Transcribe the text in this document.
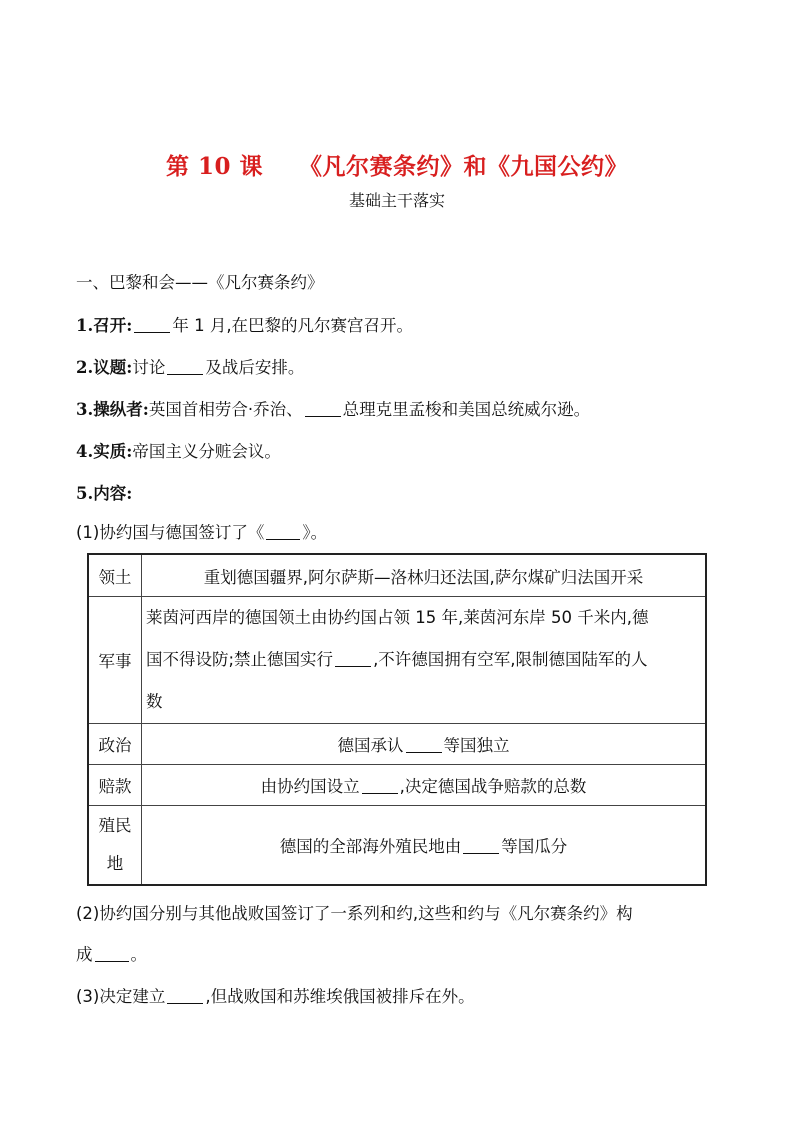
第 10 课 《凡尔赛条约》和《九国公约》
基础主干落实
一、巴黎和会——《凡尔赛条约》
1.召开: 年 1 月,在巴黎的凡尔赛宫召开。
2.议题:讨论 及战后安排。
3.操纵者:英国首相劳合·乔治、 总理克里孟梭和美国总统威尔逊。
4.实质:帝国主义分赃会议。
5.内容:
(1)协约国与德国签订了《 》。
领土	重划德国疆界,阿尔萨斯—洛林归还法国,萨尔煤矿归法国开采
军事	莱茵河西岸的德国领土由协约国占领 15 年,莱茵河东岸 50 千米内,德
国不得设防;禁止德国实行 ,不许德国拥有空军,限制德国陆军的人
数

政治	德国承认 等国独立
赔款	由协约国设立 ,决定德国战争赔款的总数

殖民
地	德国的全部海外殖民地由 等国瓜分
(2)协约国分别与其他战败国签订了一系列和约,这些和约与《凡尔赛条约》构
成 。
(3)决定建立 ,但战败国和苏维埃俄国被排斥在外。
